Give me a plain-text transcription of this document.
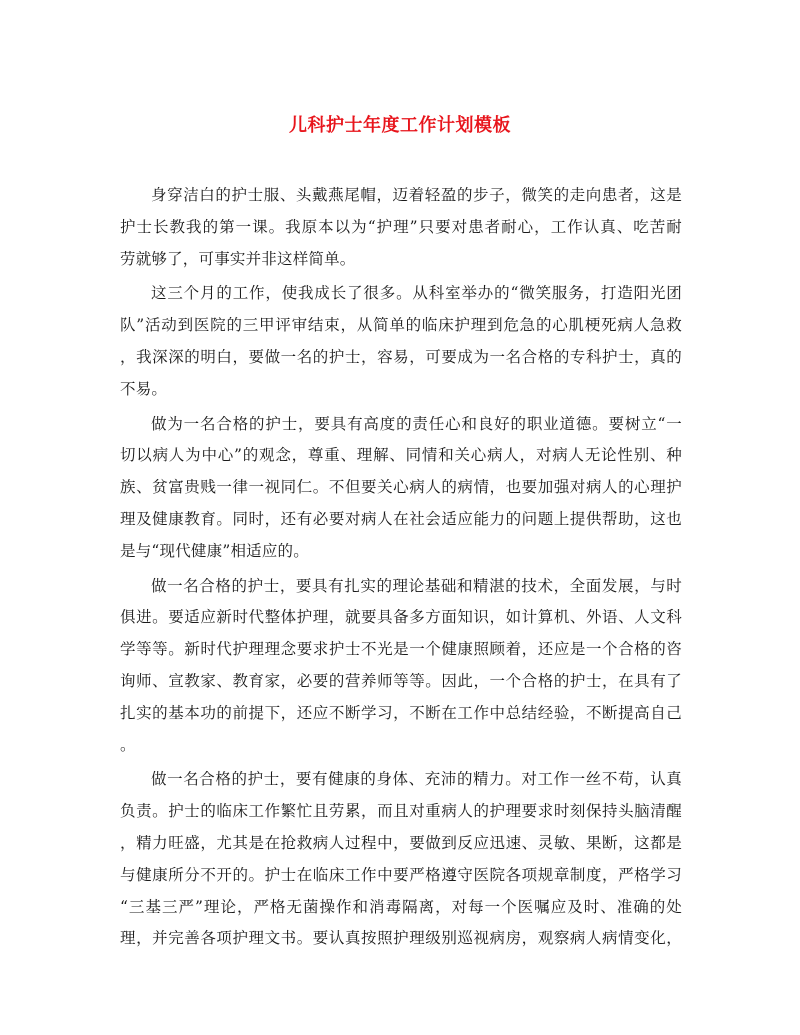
儿科护士年度工作计划模板
身穿洁白的护士服、头戴燕尾帽，迈着轻盈的步子，微笑的走向患者，这是
护士长教我的第一课。我原本以为“护理”只要对患者耐心，工作认真、吃苦耐
劳就够了，可事实并非这样简单。
这三个月的工作，使我成长了很多。从科室举办的“微笑服务，打造阳光团
队”活动到医院的三甲评审结束，从简单的临床护理到危急的心肌梗死病人急救
，我深深的明白，要做一名的护士，容易，可要成为一名合格的专科护士，真的
不易。
做为一名合格的护士，要具有高度的责任心和良好的职业道德。要树立“一
切以病人为中心”的观念，尊重、理解、同情和关心病人，对病人无论性别、种
族、贫富贵贱一律一视同仁。不但要关心病人的病情，也要加强对病人的心理护
理及健康教育。同时，还有必要对病人在社会适应能力的问题上提供帮助，这也
是与“现代健康”相适应的。
做一名合格的护士，要具有扎实的理论基础和精湛的技术，全面发展，与时
俱进。要适应新时代整体护理，就要具备多方面知识，如计算机、外语、人文科
学等等。新时代护理理念要求护士不光是一个健康照顾着，还应是一个合格的咨
询师、宣教家、教育家，必要的营养师等等。因此，一个合格的护士，在具有了
扎实的基本功的前提下，还应不断学习，不断在工作中总结经验，不断提高自己
。
做一名合格的护士，要有健康的身体、充沛的精力。对工作一丝不苟，认真
负责。护士的临床工作繁忙且劳累，而且对重病人的护理要求时刻保持头脑清醒
，精力旺盛，尤其是在抢救病人过程中，要做到反应迅速、灵敏、果断，这都是
与健康所分不开的。护士在临床工作中要严格遵守医院各项规章制度，严格学习
“三基三严”理论，严格无菌操作和消毒隔离，对每一个医嘱应及时、准确的处
理，并完善各项护理文书。要认真按照护理级别巡视病房，观察病人病情变化，
